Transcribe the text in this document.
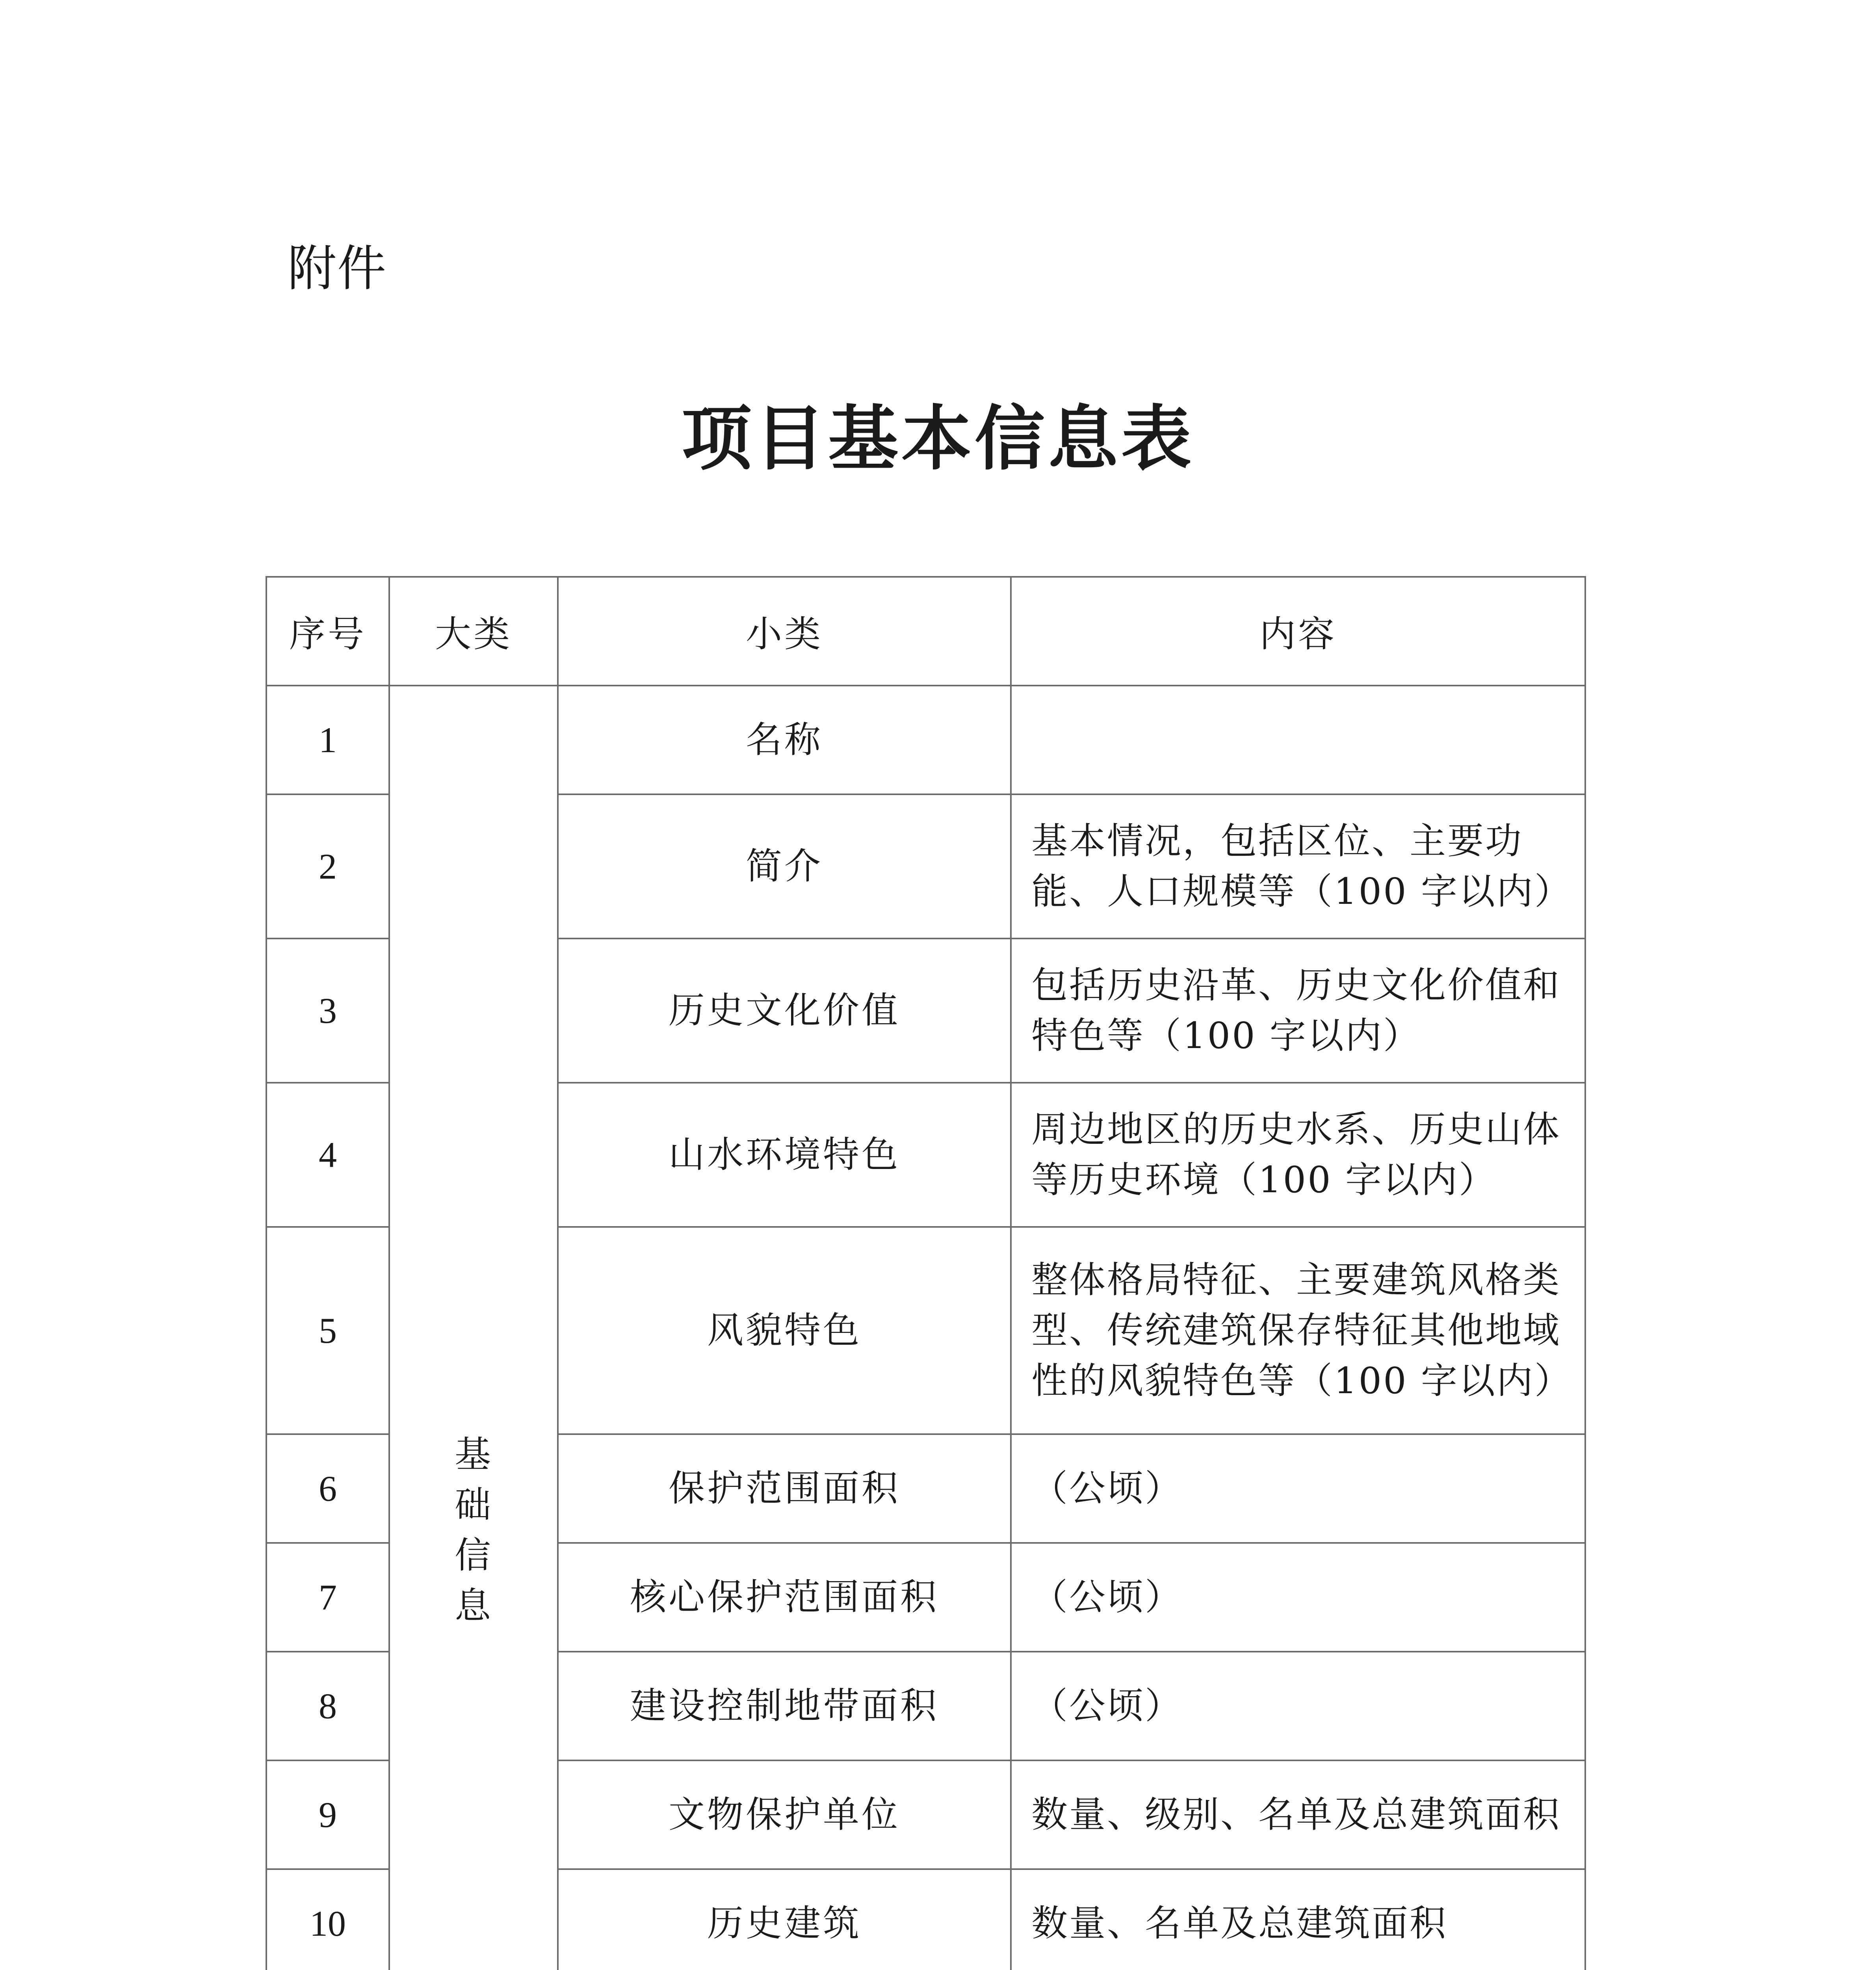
附件
项目基本信息表
序号	大类	小类	内容
1	基础信息	名称	
2		简介	基本情况，包括区位、主要功能、人口规模等（100 字以内）
3		历史文化价值	包括历史沿革、历史文化价值和特色等（100 字以内）
4		山水环境特色	周边地区的历史水系、历史山体等历史环境（100 字以内）
5		风貌特色	整体格局特征、主要建筑风格类型、传统建筑保存特征其他地域性的风貌特色等（100 字以内）
6		保护范围面积	（公顷）
7		核心保护范围面积	（公顷）
8		建设控制地带面积	（公顷）
9		文物保护单位	数量、级别、名单及总建筑面积
10		历史建筑	数量、名单及总建筑面积
